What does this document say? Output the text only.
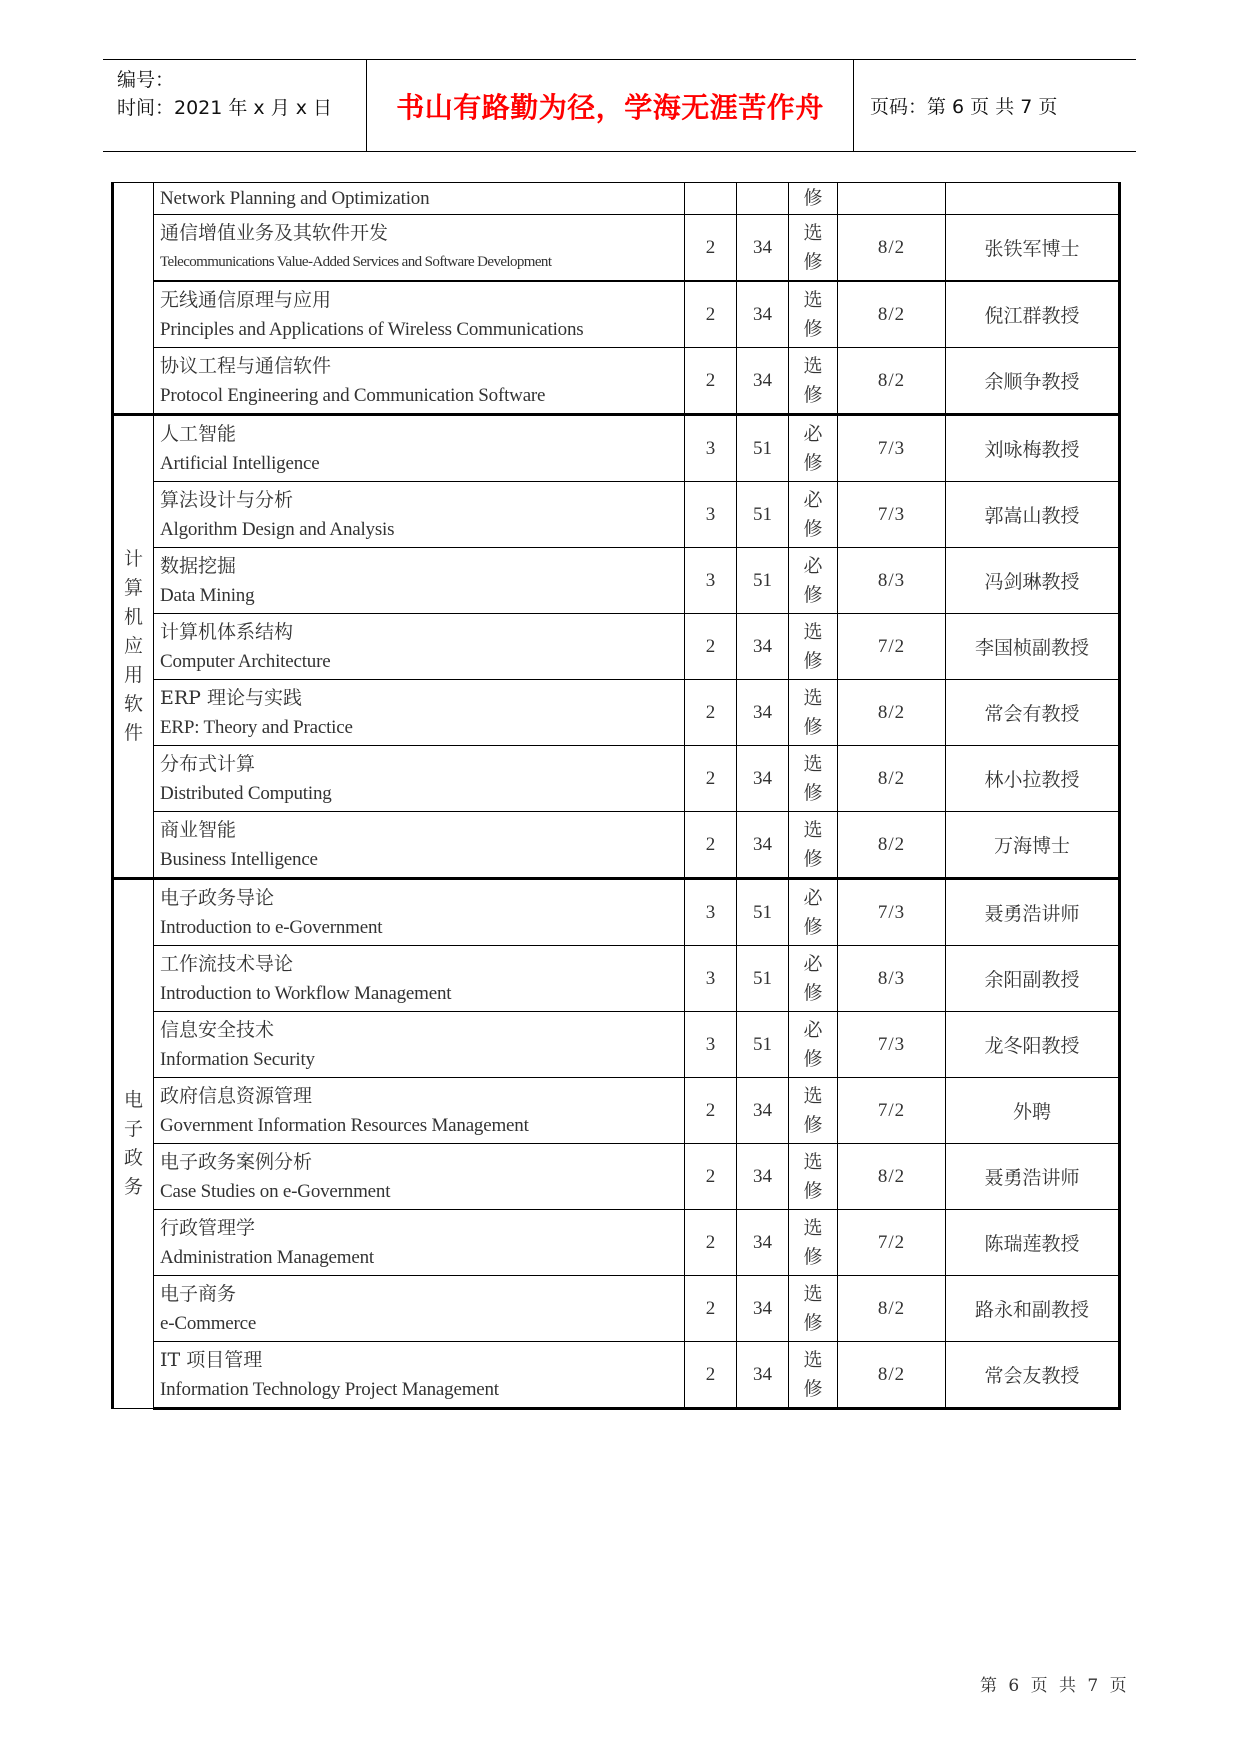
编号：
时间：2021 年 x 月 x 日 书山有路勤为径，学海无涯苦作舟 页码：第 6 页 共 7 页

	Network Planning and Optimization			修		

	通信增值业务及其软件开发
Telecommunications Value-Added Services and Software Development	2	34	选修	8/2	张铁军博士

	无线通信原理与应用
Principles and Applications of Wireless Communications	2	34	选修	8/2	倪江群教授

	协议工程与通信软件
Protocol Engineering and Communication Software	2	34	选修	8/2	余顺争教授
计算机应用软件	人工智能
Artificial Intelligence	3	51	必修	7/3	刘咏梅教授

	算法设计与分析
Algorithm Design and Analysis	3	51	必修	7/3	郭嵩山教授

	数据挖掘
Data Mining	3	51	必修	8/3	冯剑琳教授

	计算机体系结构
Computer Architecture	2	34	选修	7/2	李国桢副教授

	ERP 理论与实践
ERP: Theory and Practice	2	34	选修	8/2	常会有教授

	分布式计算
Distributed Computing	2	34	选修	8/2	林小拉教授

	商业智能
Business Intelligence	2	34	选修	8/2	万海博士
电子政务	电子政务导论
Introduction to e-Government	3	51	必修	7/3	聂勇浩讲师

	工作流技术导论
Introduction to Workflow Management	3	51	必修	8/3	余阳副教授

	信息安全技术
Information Security	3	51	必修	7/3	龙冬阳教授

	政府信息资源管理
Government Information Resources Management	2	34	选修	7/2	外聘

	电子政务案例分析
Case Studies on e-Government	2	34	选修	8/2	聂勇浩讲师

	行政管理学
Administration Management	2	34	选修	7/2	陈瑞莲教授

	电子商务
e-Commerce	2	34	选修	8/2	路永和副教授

	IT 项目管理
Information Technology Project Management	2	34	选修	8/2	常会友教授
第 6 页 共 7 页
